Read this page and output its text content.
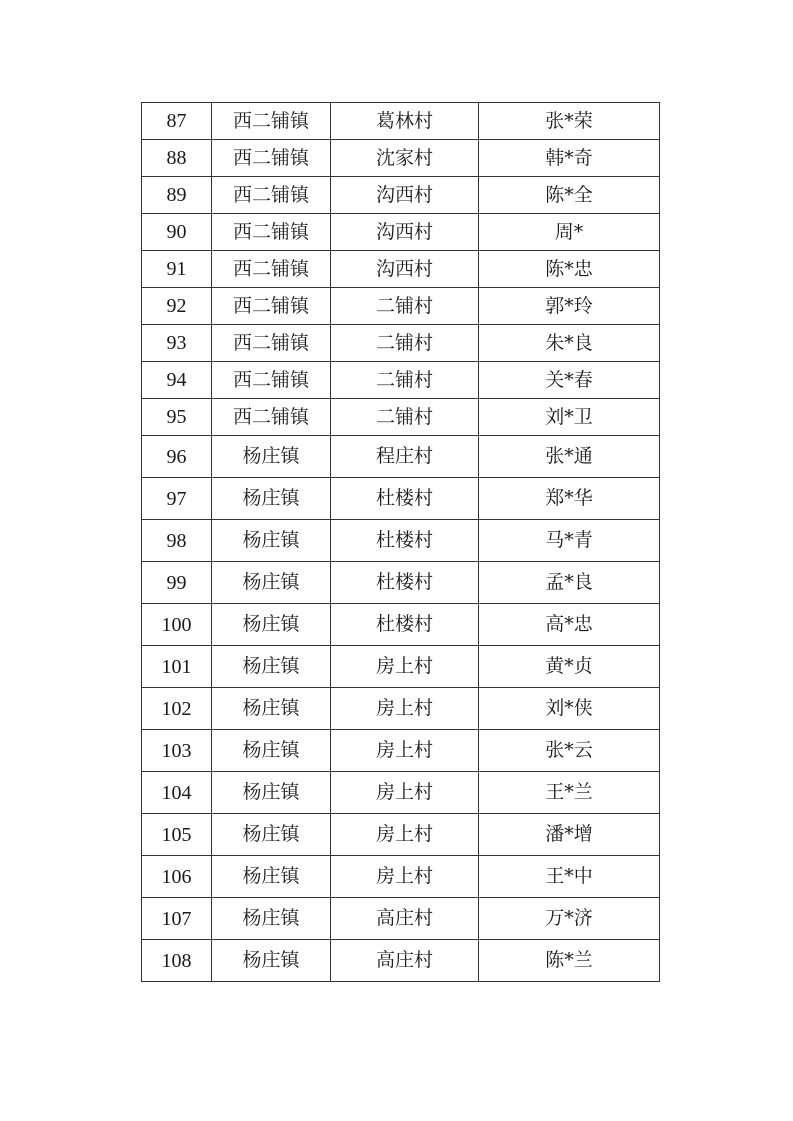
87	西二铺镇	葛林村	张*荣
88	西二铺镇	沈家村	韩*奇
89	西二铺镇	沟西村	陈*全
90	西二铺镇	沟西村	周*
91	西二铺镇	沟西村	陈*忠
92	西二铺镇	二铺村	郭*玲
93	西二铺镇	二铺村	朱*良
94	西二铺镇	二铺村	关*春
95	西二铺镇	二铺村	刘*卫
96	杨庄镇	程庄村	张*通
97	杨庄镇	杜楼村	郑*华
98	杨庄镇	杜楼村	马*青
99	杨庄镇	杜楼村	孟*良
100	杨庄镇	杜楼村	高*忠
101	杨庄镇	房上村	黄*贞
102	杨庄镇	房上村	刘*侠
103	杨庄镇	房上村	张*云
104	杨庄镇	房上村	王*兰
105	杨庄镇	房上村	潘*增
106	杨庄镇	房上村	王*中
107	杨庄镇	高庄村	万*济
108	杨庄镇	高庄村	陈*兰
